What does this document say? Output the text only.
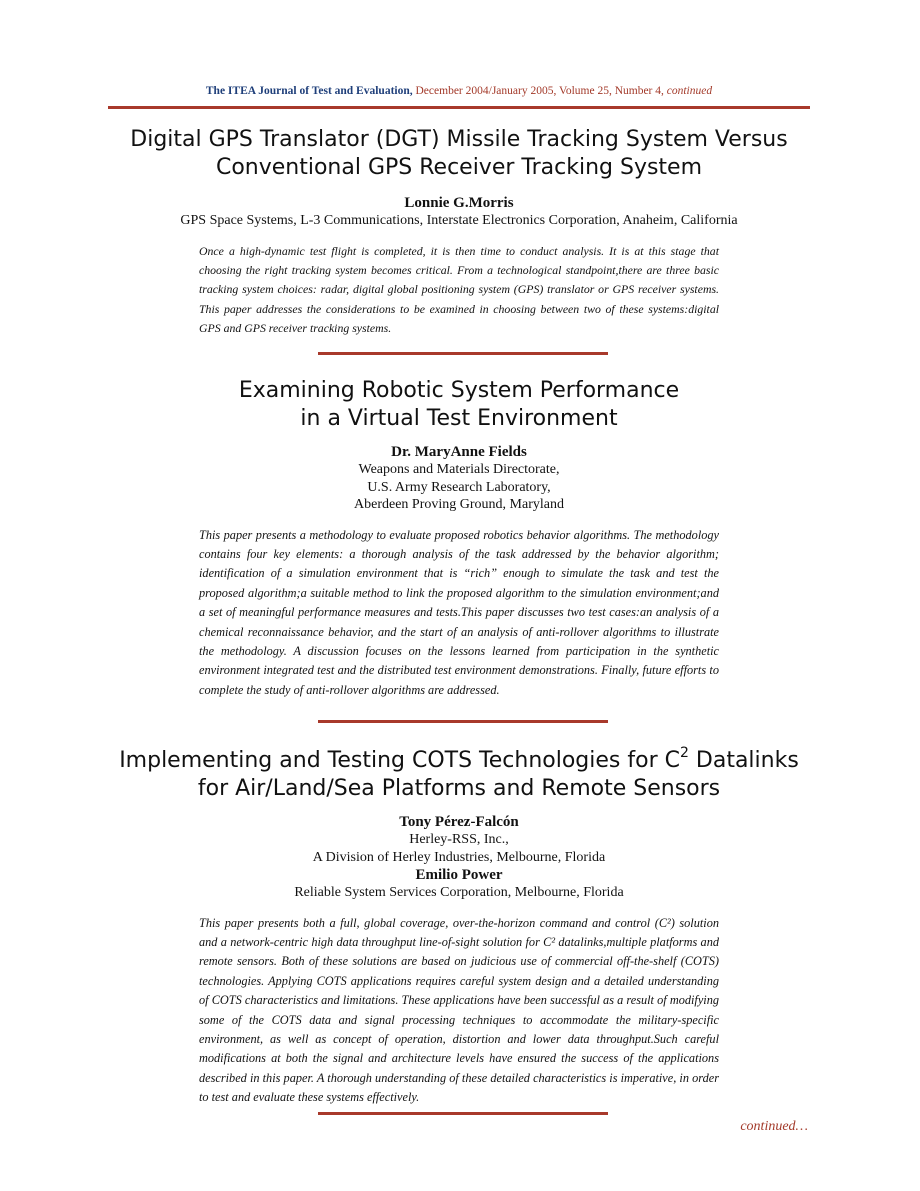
The ITEA Journal of Test and Evaluation, December 2004/January 2005, Volume 25, Number 4, continued
Digital GPS Translator (DGT) Missile Tracking System Versus
Conventional GPS Receiver Tracking System

Lonnie G.Morris

GPS Space Systems, L-3 Communications, Interstate Electronics Corporation, Anaheim, California

Once a high-dynamic test flight is completed, it is then time to conduct analysis. It is at this stage that choosing the right tracking system becomes critical. From a technological standpoint,there are three basic tracking system choices: radar, digital global positioning system (GPS) translator or GPS receiver systems. This paper addresses the considerations to be examined in choosing between two of these systems:digital GPS and GPS receiver tracking systems.
Examining Robotic System Performance
in a Virtual Test Environment

Dr. MaryAnne Fields

Weapons and Materials Directorate,

U.S. Army Research Laboratory,

Aberdeen Proving Ground, Maryland

This paper presents a methodology to evaluate proposed robotics behavior algorithms. The methodology contains four key elements: a thorough analysis of the task addressed by the behavior algorithm; identification of a simulation environment that is “rich” enough to simulate the task and test the proposed algorithm;a suitable method to link the proposed algorithm to the simulation environment;and a set of meaningful performance measures and tests.This paper discusses two test cases:an analysis of a chemical reconnaissance behavior, and the start of an analysis of anti-rollover algorithms to illustrate the methodology. A discussion focuses on the lessons learned from participation in the synthetic environment integrated test and the distributed test environment demonstrations. Finally, future efforts to complete the study of anti-rollover algorithms are addressed.
Implementing and Testing COTS Technologies for $C^2$ Datalinks
for Air/Land/Sea Platforms and Remote Sensors

Tony Pérez-Falcón

Herley-RSS, Inc.,

A Division of Herley Industries, Melbourne, Florida

Emilio Power

Reliable System Services Corporation, Melbourne, Florida

This paper presents both a full, global coverage, over-the-horizon command and control (C²) solution and a network-centric high data throughput line-of-sight solution for C² datalinks,multiple platforms and remote sensors. Both of these solutions are based on judicious use of commercial off-the-shelf (COTS) technologies. Applying COTS applications requires careful system design and a detailed understanding of COTS characteristics and limitations. These applications have been successful as a result of modifying some of the COTS data and signal processing techniques to accommodate the military-specific environment, as well as concept of operation, distortion and lower data throughput.Such careful modifications at both the signal and architecture levels have ensured the success of the applications described in this paper. A thorough understanding of these detailed characteristics is imperative, in order to test and evaluate these systems effectively.
continued…
